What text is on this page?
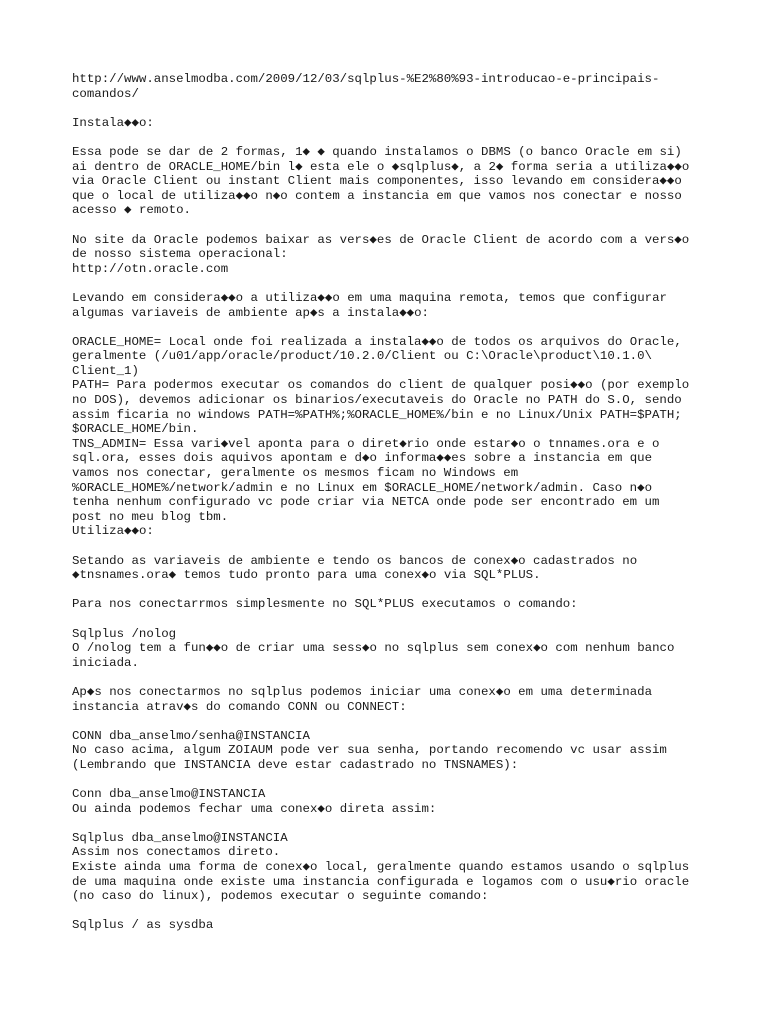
http://www.anselmodba.com/2009/12/03/sqlplus-%E2%80%93-introducao-e-principais-
comandos/
Instala◆◆o:
Essa pode se dar de 2 formas, 1◆ ◆ quando instalamos o DBMS (o banco Oracle em si)
ai dentro de ORACLE_HOME/bin l◆ esta ele o ◆sqlplus◆, a 2◆ forma seria a utiliza◆◆o
via Oracle Client ou instant Client mais componentes, isso levando em considera◆◆o
que o local de utiliza◆◆o n◆o contem a instancia em que vamos nos conectar e nosso
acesso ◆ remoto.
No site da Oracle podemos baixar as vers◆es de Oracle Client de acordo com a vers◆o
de nosso sistema operacional:
http://otn.oracle.com
Levando em considera◆◆o a utiliza◆◆o em uma maquina remota, temos que configurar
algumas variaveis de ambiente ap◆s a instala◆◆o:
ORACLE_HOME= Local onde foi realizada a instala◆◆o de todos os arquivos do Oracle,
geralmente (/u01/app/oracle/product/10.2.0/Client ou C:\Oracle\product\10.1.0\
Client_1)
PATH= Para podermos executar os comandos do client de qualquer posi◆◆o (por exemplo
no DOS), devemos adicionar os binarios/executaveis do Oracle no PATH do S.O, sendo
assim ficaria no windows PATH=%PATH%;%ORACLE_HOME%/bin e no Linux/Unix PATH=$PATH;
$ORACLE_HOME/bin.
TNS_ADMIN= Essa vari◆vel aponta para o diret◆rio onde estar◆o o tnnames.ora e o
sql.ora, esses dois aquivos apontam e d◆o informa◆◆es sobre a instancia em que
vamos nos conectar, geralmente os mesmos ficam no Windows em
%ORACLE_HOME%/network/admin e no Linux em $ORACLE_HOME/network/admin. Caso n◆o
tenha nenhum configurado vc pode criar via NETCA onde pode ser encontrado em um
post no meu blog tbm.
Utiliza◆◆o:
Setando as variaveis de ambiente e tendo os bancos de conex◆o cadastrados no
◆tnsnames.ora◆ temos tudo pronto para uma conex◆o via SQL*PLUS.
Para nos conectarrmos simplesmente no SQL*PLUS executamos o comando:
Sqlplus /nolog
O /nolog tem a fun◆◆o de criar uma sess◆o no sqlplus sem conex◆o com nenhum banco
iniciada.
Ap◆s nos conectarmos no sqlplus podemos iniciar uma conex◆o em uma determinada
instancia atrav◆s do comando CONN ou CONNECT:
CONN dba_anselmo/senha@INSTANCIA
No caso acima, algum ZOIAUM pode ver sua senha, portando recomendo vc usar assim
(Lembrando que INSTANCIA deve estar cadastrado no TNSNAMES):
Conn dba_anselmo@INSTANCIA
Ou ainda podemos fechar uma conex◆o direta assim:
Sqlplus dba_anselmo@INSTANCIA
Assim nos conectamos direto.
Existe ainda uma forma de conex◆o local, geralmente quando estamos usando o sqlplus
de uma maquina onde existe uma instancia configurada e logamos com o usu◆rio oracle
(no caso do linux), podemos executar o seguinte comando:
Sqlplus / as sysdba
